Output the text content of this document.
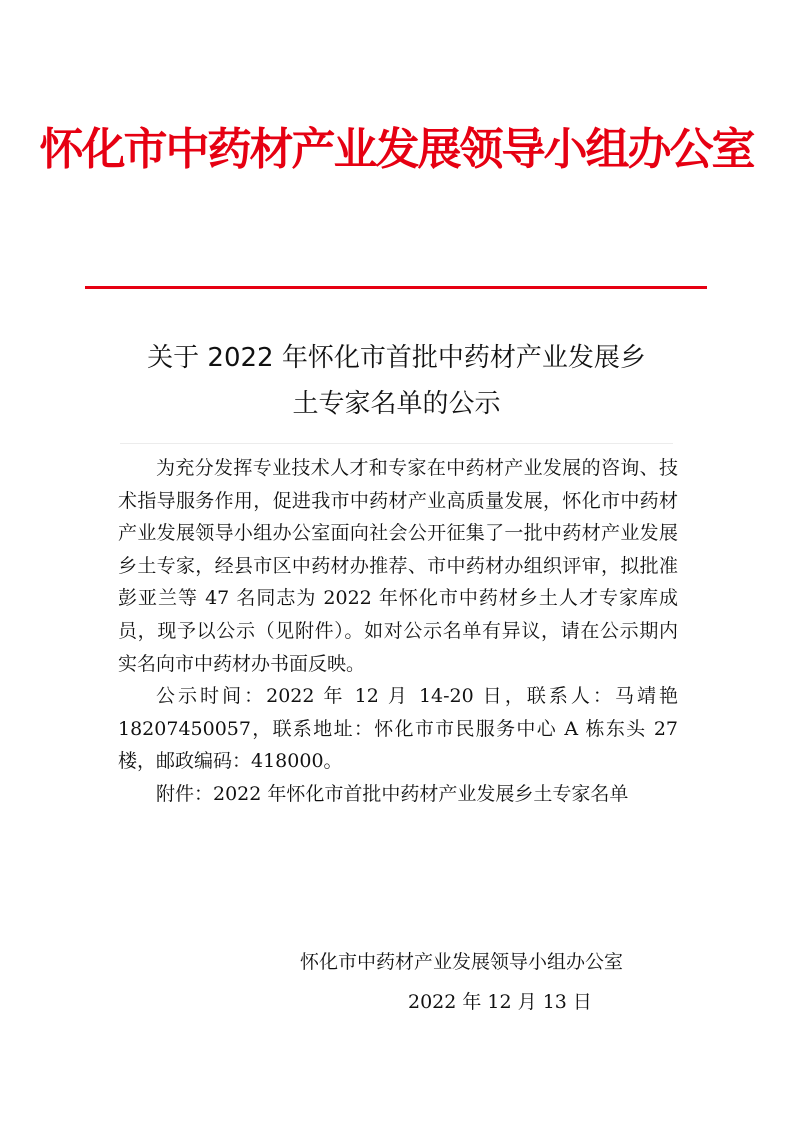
怀化市中药材产业发展领导小组办公室
关于 2022 年怀化市首批中药材产业发展乡
土专家名单的公示

为充分发挥专业技术人才和专家在中药材产业发展的咨询、技术指导服务作用，促进我市中药材产业高质量发展，怀化市中药材产业发展领导小组办公室面向社会公开征集了一批中药材产业发展乡土专家，经县市区中药材办推荐、市中药材办组织评审，拟批准彭亚兰等 47 名同志为 2022 年怀化市中药材乡土人才专家库成员，现予以公示（见附件）。如对公示名单有异议，请在公示期内实名向市中药材办书面反映。

公示时间：2022 年 12 月 14-20 日，联系人：马靖艳 18207450057，联系地址：怀化市市民服务中心 A 栋东头 27 楼，邮政编码：418000。

附件：2022 年怀化市首批中药材产业发展乡土专家名单

怀化市中药材产业发展领导小组办公室
2022 年 12 月 13 日
